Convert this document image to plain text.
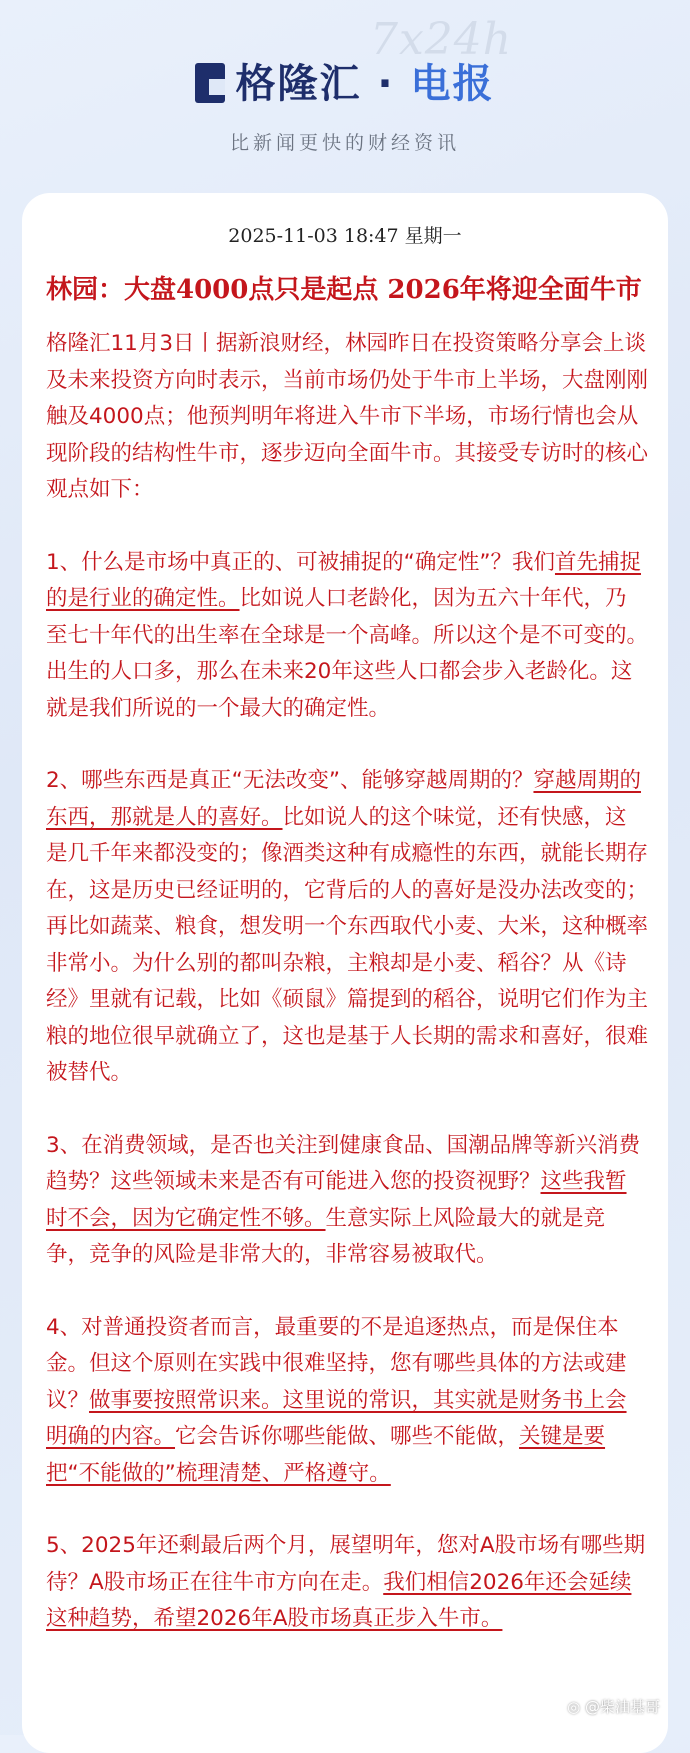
7x24h
格隆汇 · 电报
比新闻更快的财经资讯
2025-11-03 18:47 星期一
林园：大盘4000点只是起点 2026年将迎全面牛市

格隆汇11月3日丨据新浪财经，林园昨日在投资策略分享会上谈及未来投资方向时表示，当前市场仍处于牛市上半场，大盘刚刚触及4000点；他预判明年将进入牛市下半场，市场行情也会从现阶段的结构性牛市，逐步迈向全面牛市。其接受专访时的核心观点如下：

1、什么是市场中真正的、可被捕捉的“确定性”？我们首先捕捉的是行业的确定性。比如说人口老龄化，因为五六十年代，乃至七十年代的出生率在全球是一个高峰。所以这个是不可变的。出生的人口多，那么在未来20年这些人口都会步入老龄化。这就是我们所说的一个最大的确定性。

2、哪些东西是真正“无法改变”、能够穿越周期的？穿越周期的东西，那就是人的喜好。比如说人的这个味觉，还有快感，这是几千年来都没变的；像酒类这种有成瘾性的东西，就能长期存在，这是历史已经证明的，它背后的人的喜好是没办法改变的；再比如蔬菜、粮食，想发明一个东西取代小麦、大米，这种概率非常小。为什么别的都叫杂粮，主粮却是小麦、稻谷？从《诗经》里就有记载，比如《硕鼠》篇提到的稻谷，说明它们作为主粮的地位很早就确立了，这也是基于人长期的需求和喜好，很难被替代。

3、在消费领域，是否也关注到健康食品、国潮品牌等新兴消费趋势？这些领域未来是否有可能进入您的投资视野？这些我暂时不会，因为它确定性不够。生意实际上风险最大的就是竞争，竞争的风险是非常大的，非常容易被取代。

4、对普通投资者而言，最重要的不是追逐热点，而是保住本金。但这个原则在实践中很难坚持，您有哪些具体的方法或建议？做事要按照常识来。这里说的常识，其实就是财务书上会明确的内容。它会告诉你哪些能做、哪些不能做，关键是要把“不能做的”梳理清楚、严格遵守。

5、2025年还剩最后两个月，展望明年，您对A股市场有哪些期待？A股市场正在往牛市方向在走。我们相信2026年还会延续这种趋势，希望2026年A股市场真正步入牛市。

◎ @柴油基哥
